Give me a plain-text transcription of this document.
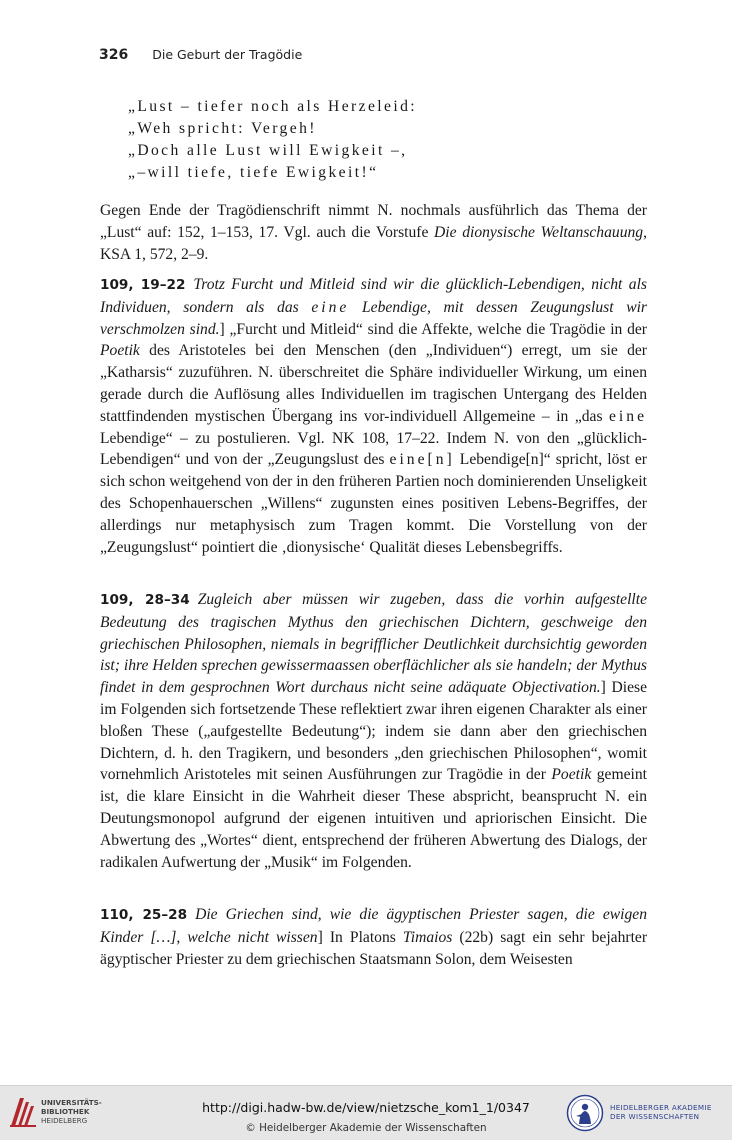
326 Die Geburt der Tragödie
„Lust – tiefer noch als Herzeleid:
„Weh spricht: Vergeh!
„Doch alle Lust will Ewigkeit –,
„–will tiefe, tiefe Ewigkeit!“
Gegen Ende der Tragödienschrift nimmt N. nochmals ausführlich das Thema der „Lust“ auf: 152, 1–153, 17. Vgl. auch die Vorstufe Die dionysische Weltanschauung, KSA 1, 572, 2–9.
109, 19–22 Trotz Furcht und Mitleid sind wir die glücklich-Lebendigen, nicht als Individuen, sondern als das eine Lebendige, mit dessen Zeugungslust wir verschmolzen sind.] „Furcht und Mitleid“ sind die Affekte, welche die Tragödie in der Poetik des Aristoteles bei den Menschen (den „Individuen“) erregt, um sie der „Katharsis“ zuzuführen. N. überschreitet die Sphäre individueller Wirkung, um einen gerade durch die Auflösung alles Individuellen im tragischen Untergang des Helden stattfindenden mystischen Übergang ins vor-individuell Allgemeine – in „das eine Lebendige“ – zu postulieren. Vgl. NK 108, 17–22. Indem N. von den „glücklich-Lebendigen“ und von der „Zeugungslust des eine[n] Lebendige[n]“ spricht, löst er sich schon weitgehend von der in den früheren Partien noch dominierenden Unseligkeit des Schopenhauerschen „Willens“ zugunsten eines positiven Lebens-Begriffes, der allerdings nur metaphysisch zum Tragen kommt. Die Vorstellung von der „Zeugungslust“ pointiert die ‚dionysische‘ Qualität dieses Lebensbegriffs.
109, 28–34 Zugleich aber müssen wir zugeben, dass die vorhin aufgestellte Bedeutung des tragischen Mythus den griechischen Dichtern, geschweige den griechischen Philosophen, niemals in begrifflicher Deutlichkeit durchsichtig geworden ist; ihre Helden sprechen gewissermaassen oberflächlicher als sie handeln; der Mythus findet in dem gesprochnen Wort durchaus nicht seine adäquate Objectivation.] Diese im Folgenden sich fortsetzende These reflektiert zwar ihren eigenen Charakter als einer bloßen These („aufgestellte Bedeutung“); indem sie dann aber den griechischen Dichtern, d. h. den Tragikern, und besonders „den griechischen Philosophen“, womit vornehmlich Aristoteles mit seinen Ausführungen zur Tragödie in der Poetik gemeint ist, die klare Einsicht in die Wahrheit dieser These abspricht, beansprucht N. ein Deutungsmonopol aufgrund der eigenen intuitiven und apriorischen Einsicht. Die Abwertung des „Wortes“ dient, entsprechend der früheren Abwertung des Dialogs, der radikalen Aufwertung der „Musik“ im Folgenden.
110, 25–28 Die Griechen sind, wie die ägyptischen Priester sagen, die ewigen Kinder […], welche nicht wissen] In Platons Timaios (22b) sagt ein sehr bejahrter ägyptischer Priester zu dem griechischen Staatsmann Solon, dem Weisesten
UNIVERSITÄTS-
BIBLIOTHEK
HEIDELBERG
http://digi.hadw-bw.de/view/nietzsche_kom1_1/0347
© Heidelberger Akademie der Wissenschaften
HEIDELBERGER AKADEMIE
DER WISSENSCHAFTEN
